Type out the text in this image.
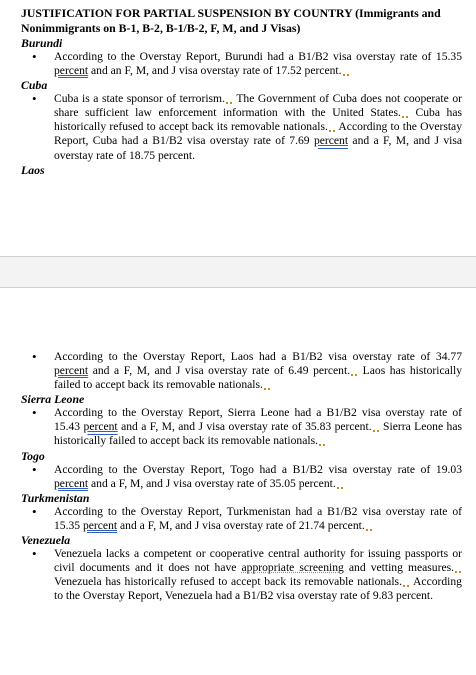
JUSTIFICATION FOR PARTIAL SUSPENSION BY COUNTRY (Immigrants and Nonimmigrants on B-1, B-2, B-1/B-2, F, M, and J Visas)

Burundi

• According to the Overstay Report, Burundi had a B1/B2 visa overstay rate of 15.35 percent and an F, M, and J visa overstay rate of 17.52 percent.

Cuba

• Cuba is a state sponsor of terrorism. The Government of Cuba does not cooperate or share sufficient law enforcement information with the United States. Cuba has historically refused to accept back its removable nationals. According to the Overstay Report, Cuba had a B1/B2 visa overstay rate of 7.69 percent and a F, M, and J visa overstay rate of 18.75 percent.

Laos

• According to the Overstay Report, Laos had a B1/B2 visa overstay rate of 34.77 percent and a F, M, and J visa overstay rate of 6.49 percent. Laos has historically failed to accept back its removable nationals.

Sierra Leone

• According to the Overstay Report, Sierra Leone had a B1/B2 visa overstay rate of 15.43 percent and a F, M, and J visa overstay rate of 35.83 percent. Sierra Leone has historically failed to accept back its removable nationals.

Togo

• According to the Overstay Report, Togo had a B1/B2 visa overstay rate of 19.03 percent and a F, M, and J visa overstay rate of 35.05 percent.

Turkmenistan

• According to the Overstay Report, Turkmenistan had a B1/B2 visa overstay rate of 15.35 percent and a F, M, and J visa overstay rate of 21.74 percent.

Venezuela

• Venezuela lacks a competent or cooperative central authority for issuing passports or civil documents and it does not have appropriate screening and vetting measures. Venezuela has historically refused to accept back its removable nationals. According to the Overstay Report, Venezuela had a B1/B2 visa overstay rate of 9.83 percent.
